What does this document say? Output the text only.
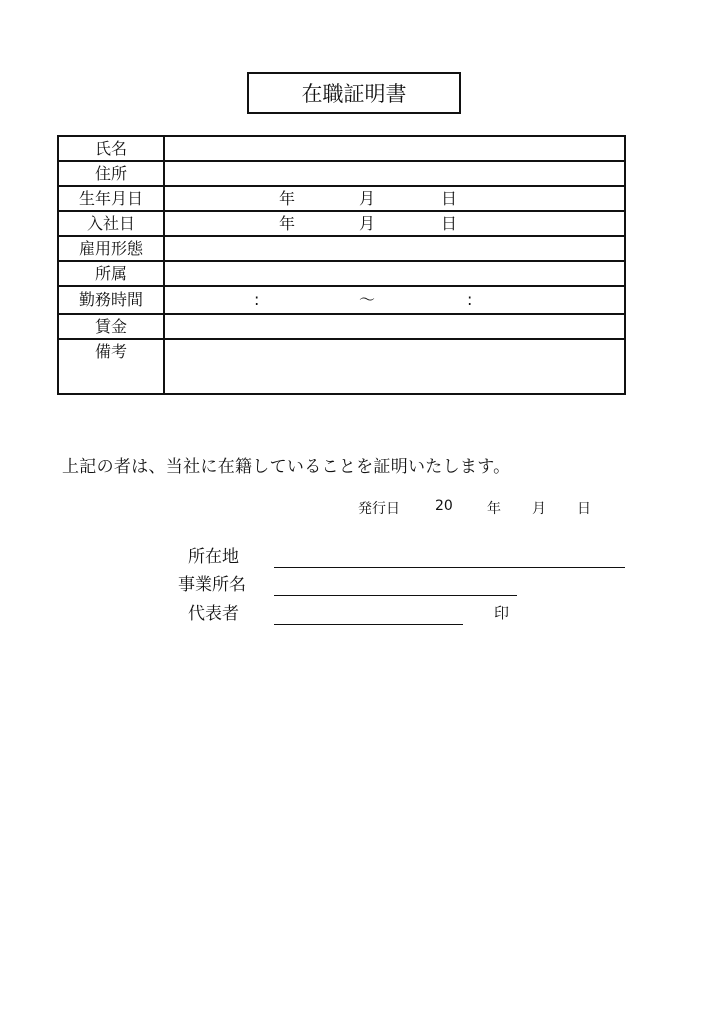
在職証明書
氏名	
住所	
生年月日	年 月 日

入社日	年 月 日

雇用形態	
所属	
勤務時間	: ～ :

賃金	
備考	
上記の者は、当社に在籍していることを証明いたします。
発行日	20 年 月 日
所在地
事業所名
代表者	印
